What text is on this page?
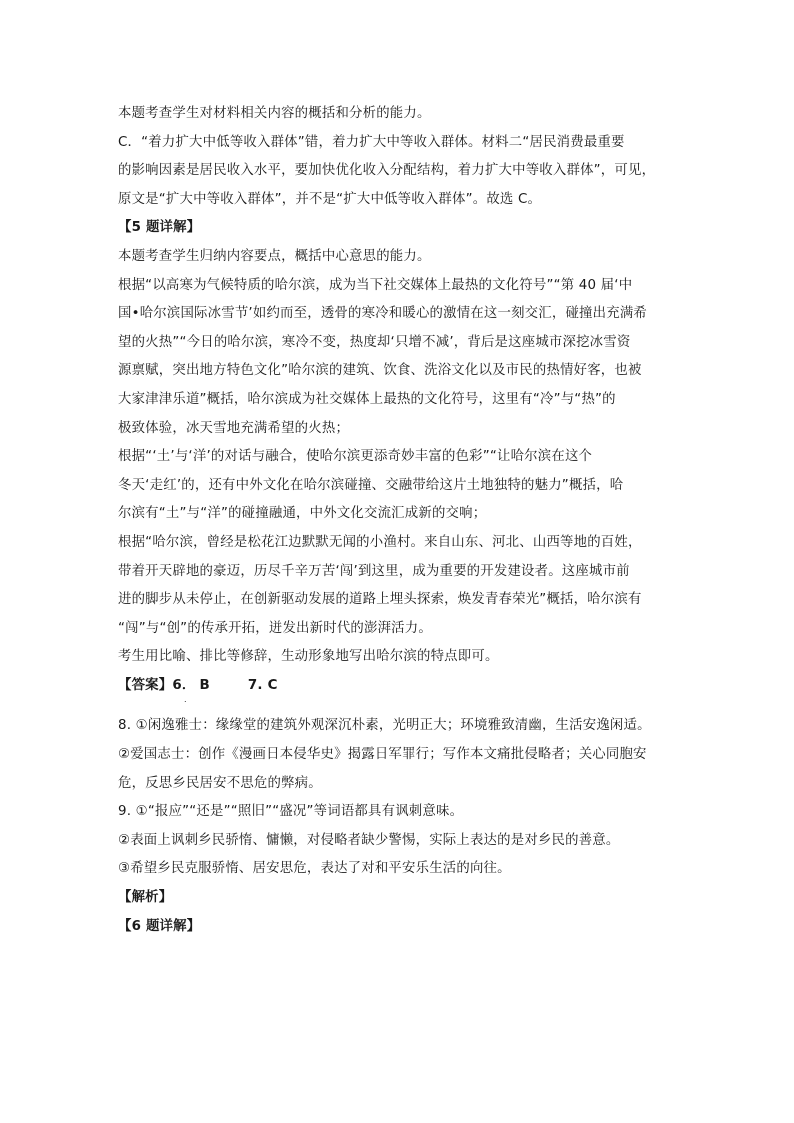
本题考查学生对材料相关内容的概括和分析的能力。
C．“着力扩大中低等收入群体”错，着力扩大中等收入群体。材料二“居民消费最重要
的影响因素是居民收入水平，要加快优化收入分配结构，着力扩大中等收入群体”，可见，
原文是“扩大中等收入群体”，并不是“扩大中低等收入群体”。故选 C。
【5 题详解】
本题考查学生归纳内容要点，概括中心意思的能力。
根据“以高寒为气候特质的哈尔滨，成为当下社交媒体上最热的文化符号”“第 40 届‘中
国•哈尔滨国际冰雪节’如约而至，透骨的寒冷和暖心的激情在这一刻交汇，碰撞出充满希
望的火热”“今日的哈尔滨，寒冷不变，热度却‘只增不减’，背后是这座城市深挖冰雪资
源禀赋，突出地方特色文化”哈尔滨的建筑、饮食、洗浴文化以及市民的热情好客，也被
大家津津乐道”概括，哈尔滨成为社交媒体上最热的文化符号，这里有“冷”与“热”的
极致体验，冰天雪地充满希望的火热；
根据“‘土’与‘洋’的对话与融合，使哈尔滨更添奇妙丰富的色彩”“让哈尔滨在这个
冬天‘走红’的，还有中外文化在哈尔滨碰撞、交融带给这片土地独特的魅力”概括，哈
尔滨有“土”与“洋”的碰撞融通，中外文化交流汇成新的交响；
根据“哈尔滨，曾经是松花江边默默无闻的小渔村。来自山东、河北、山西等地的百姓，
带着开天辟地的豪迈，历尽千辛万苦‘闯’到这里，成为重要的开发建设者。这座城市前
进的脚步从未停止，在创新驱动发展的道路上埋头探索，焕发青春荣光”概括，哈尔滨有
“闯”与“创”的传承开拓，迸发出新时代的澎湃活力。
考生用比喻、排比等修辞，生动形象地写出哈尔滨的特点即可。
【答案】6． B	7. C
.
8. ①闲逸雅士：缘缘堂的建筑外观深沉朴素，光明正大；环境雅致清幽，生活安逸闲适。
②爱国志士：创作《漫画日本侵华史》揭露日军罪行；写作本文痛批侵略者；关心同胞安
危，反思乡民居安不思危的弊病。
9. ①“报应”“还是”“照旧”“盛况”等词语都具有讽刺意味。
②表面上讽刺乡民骄惰、慵懒，对侵略者缺少警惕，实际上表达的是对乡民的善意。
③希望乡民克服骄惰、居安思危，表达了对和平安乐生活的向往。
【解析】
【6 题详解】
